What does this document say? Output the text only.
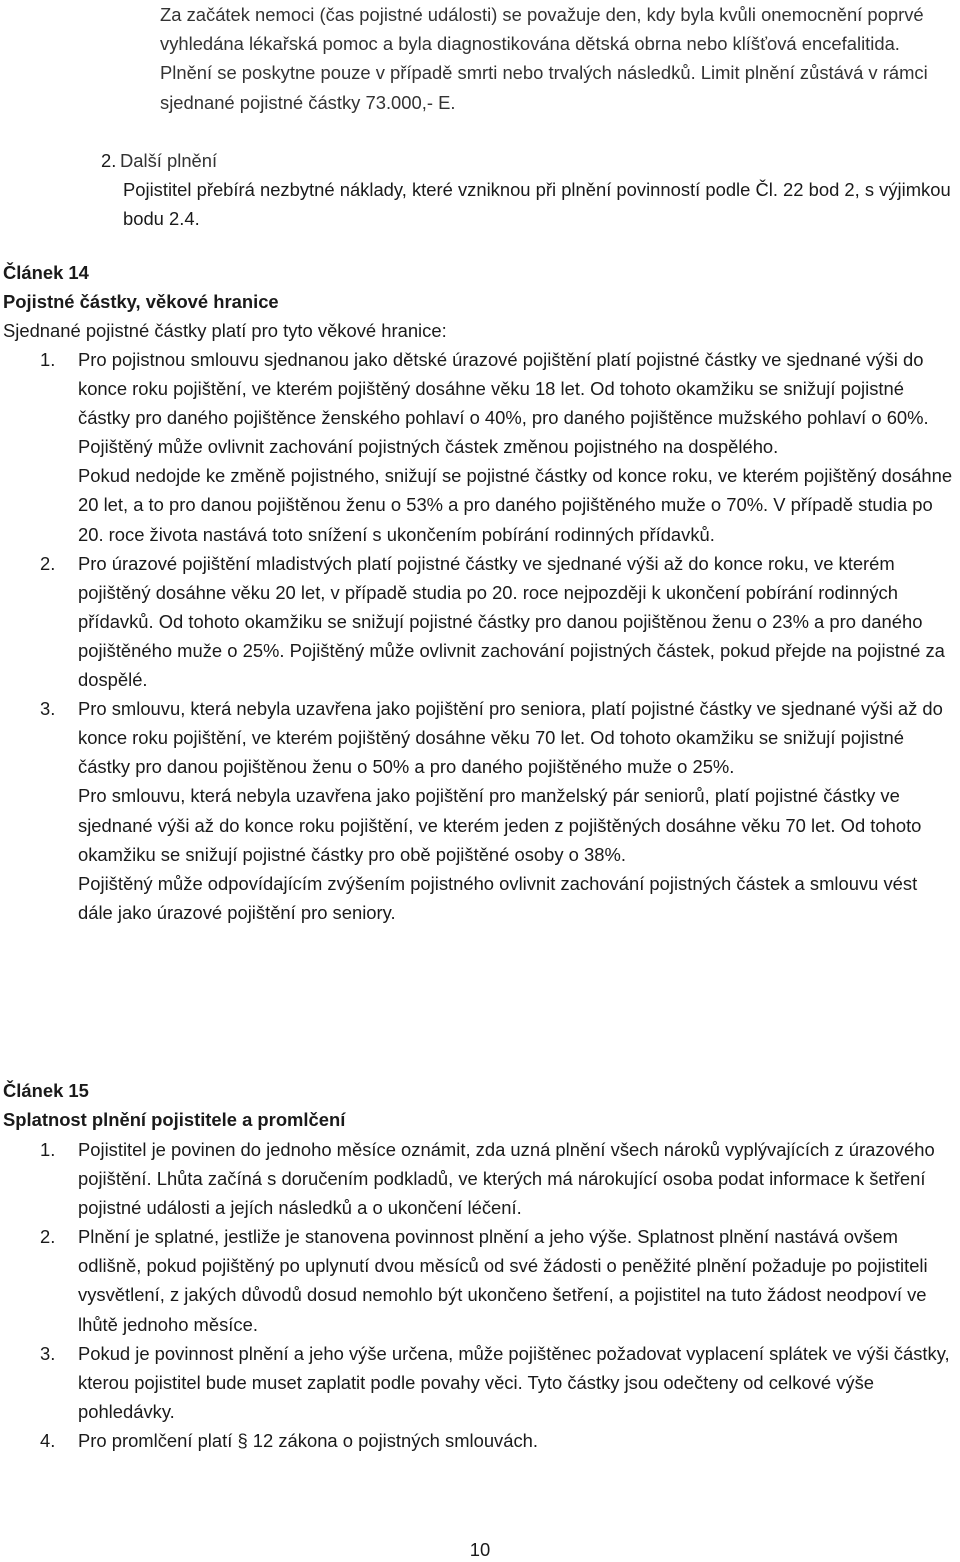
Za začátek nemoci (čas pojistné události) se považuje den, kdy byla kvůli onemocnění poprvé vyhledána lékařská pomoc a byla diagnostikována dětská obrna nebo klíšťová encefalitida.

Plnění se poskytne pouze v případě smrti nebo trvalých následků. Limit plnění zůstává v rámci sjednané pojistné částky 73.000,- E.

2. Další plnění
Pojistitel přebírá nezbytné náklady, které vzniknou při plnění povinností podle Čl. 22 bod 2, s výjimkou bodu 2.4.
Článek 14
Pojistné částky, věkové hranice
Sjednané pojistné částky platí pro tyto věkové hranice:
1. Pro pojistnou smlouvu sjednanou jako dětské úrazové pojištění platí pojistné částky ve sjednané výši do konce roku pojištění, ve kterém pojištěný dosáhne věku 18 let. Od tohoto okamžiku se snižují pojistné částky pro daného pojištěnce ženského pohlaví o 40%, pro daného pojištěnce mužského pohlaví o 60%. Pojištěný může ovlivnit zachování pojistných částek změnou pojistného na dospělého.

Pokud nedojde ke změně pojistného, snižují se pojistné částky od konce roku, ve kterém pojištěný dosáhne 20 let, a to pro danou pojištěnou ženu o 53% a pro daného pojištěného muže o 70%. V případě studia po 20. roce života nastává toto snížení s ukončením pobírání rodinných přídavků.

2. Pro úrazové pojištění mladistvých platí pojistné částky ve sjednané výši až do konce roku, ve kterém pojištěný dosáhne věku 20 let, v případě studia po 20. roce nejpozději k ukončení pobírání rodinných přídavků. Od tohoto okamžiku se snižují pojistné částky pro danou pojištěnou ženu o 23% a pro daného pojištěného muže o 25%. Pojištěný může ovlivnit zachování pojistných částek, pokud přejde na pojistné za dospělé.

3. Pro smlouvu, která nebyla uzavřena jako pojištění pro seniora, platí pojistné částky ve sjednané výši až do konce roku pojištění, ve kterém pojištěný dosáhne věku 70 let. Od tohoto okamžiku se snižují pojistné částky pro danou pojištěnou ženu o 50% a pro daného pojištěného muže o 25%.

Pro smlouvu, která nebyla uzavřena jako pojištění pro manželský pár seniorů, platí pojistné částky ve sjednané výši až do konce roku pojištění, ve kterém jeden z pojištěných dosáhne věku 70 let. Od tohoto okamžiku se snižují pojistné částky pro obě pojištěné osoby o 38%.

Pojištěný může odpovídajícím zvýšením pojistného ovlivnit zachování pojistných částek a smlouvu vést dále jako úrazové pojištění pro seniory.

Článek 15
Splatnost plnění pojistitele a promlčení
1. Pojistitel je povinen do jednoho měsíce oznámit, zda uzná plnění všech nároků vyplývajících z úrazového pojištění. Lhůta začíná s doručením podkladů, ve kterých má nárokující osoba podat informace k šetření pojistné události a jejích následků a o ukončení léčení.

2. Plnění je splatné, jestliže je stanovena povinnost plnění a jeho výše. Splatnost plnění nastává ovšem odlišně, pokud pojištěný po uplynutí dvou měsíců od své žádosti o peněžité plnění požaduje po pojistiteli vysvětlení, z jakých důvodů dosud nemohlo být ukončeno šetření, a pojistitel na tuto žádost neodpoví ve lhůtě jednoho měsíce.

3. Pokud je povinnost plnění a jeho výše určena, může pojištěnec požadovat vyplacení splátek ve výši částky, kterou pojistitel bude muset zaplatit podle povahy věci. Tyto částky jsou odečteny od celkové výše pohledávky.

4. Pro promlčení platí § 12 zákona o pojistných smlouvách.

10
